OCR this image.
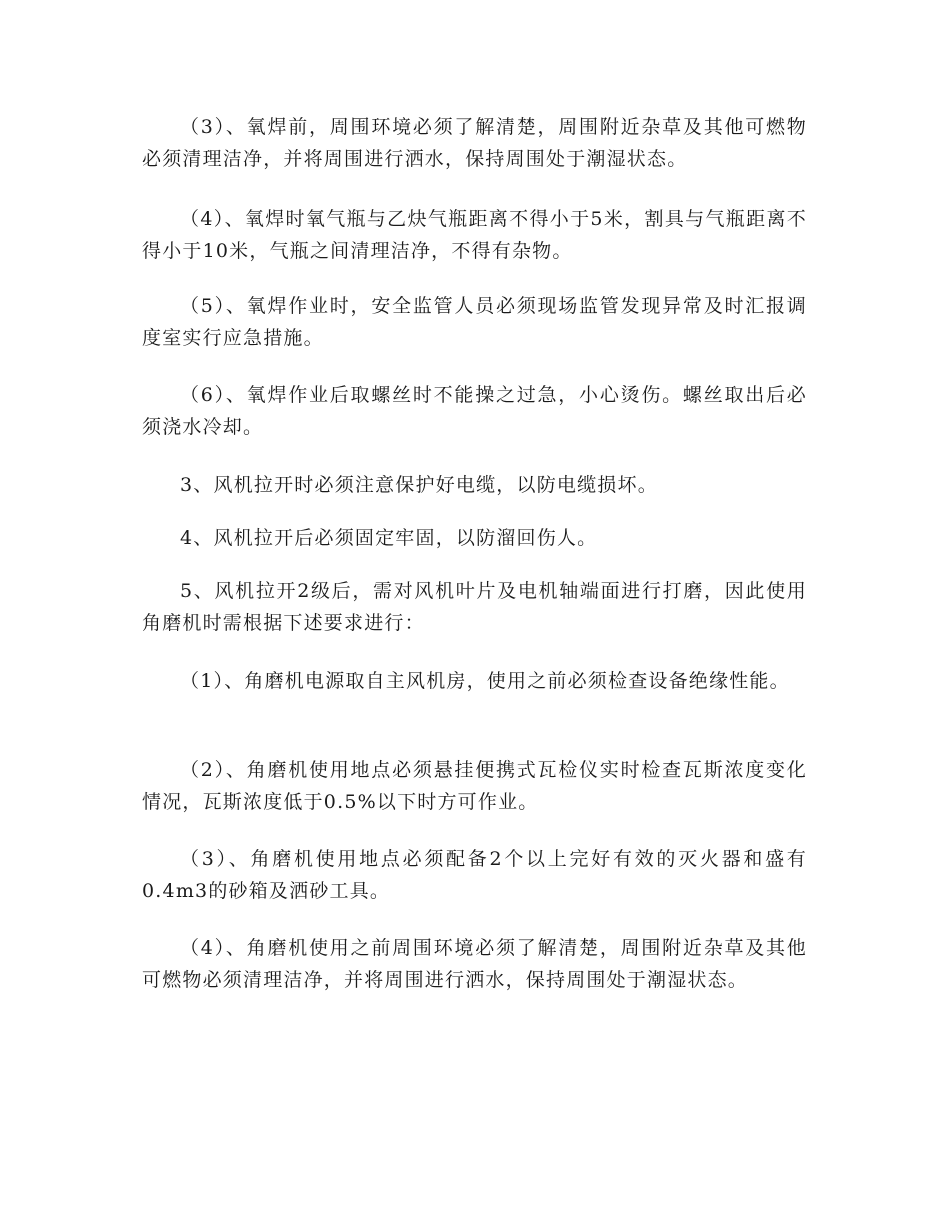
（3）、氧焊前，周围环境必须了解清楚，周围附近杂草及其他可燃物必须清理洁净，并将周围进行洒水，保持周围处于潮湿状态。

（4）、氧焊时氧气瓶与乙炔气瓶距离不得小于5米，割具与气瓶距离不得小于10米，气瓶之间清理洁净，不得有杂物。

（5）、氧焊作业时，安全监管人员必须现场监管发现异常及时汇报调度室实行应急措施。

（6）、氧焊作业后取螺丝时不能操之过急，小心烫伤。螺丝取出后必须浇水冷却。

3、风机拉开时必须注意保护好电缆，以防电缆损坏。

4、风机拉开后必须固定牢固，以防溜回伤人。

5、风机拉开2级后，需对风机叶片及电机轴端面进行打磨，因此使用角磨机时需根据下述要求进行：

（1）、角磨机电源取自主风机房，使用之前必须检查设备绝缘性能。

（2）、角磨机使用地点必须悬挂便携式瓦检仪实时检查瓦斯浓度变化情况，瓦斯浓度低于0.5%以下时方可作业。

（3）、角磨机使用地点必须配备2个以上完好有效的灭火器和盛有0.4m3的砂箱及洒砂工具。

（4）、角磨机使用之前周围环境必须了解清楚，周围附近杂草及其他可燃物必须清理洁净，并将周围进行洒水，保持周围处于潮湿状态。
